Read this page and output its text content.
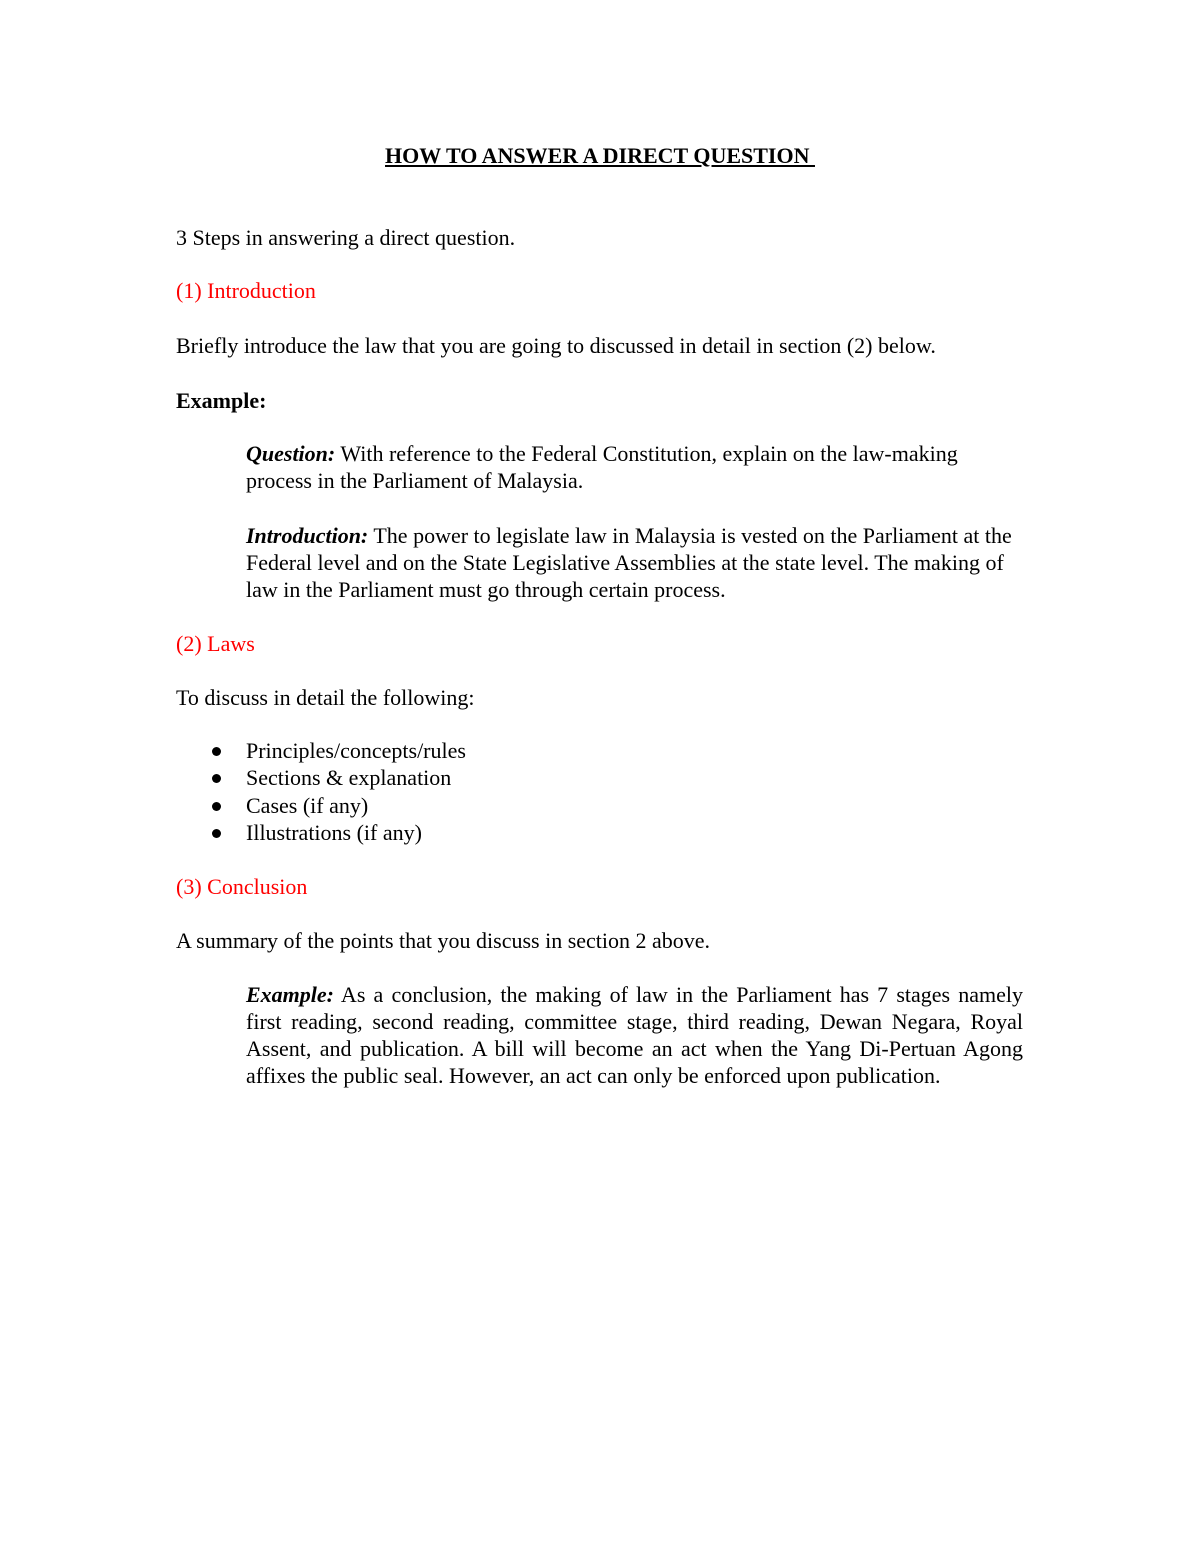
HOW TO ANSWER A DIRECT QUESTION
3 Steps in answering a direct question.
(1) Introduction
Briefly introduce the law that you are going to discussed in detail in section (2) below.
Example:
Question: With reference to the Federal Constitution, explain on the law-making process in the Parliament of Malaysia.
Introduction: The power to legislate law in Malaysia is vested on the Parliament at the Federal level and on the State Legislative Assemblies at the state level. The making of law in the Parliament must go through certain process.
(2) Laws
To discuss in detail the following:
Principles/concepts/rules
Sections & explanation
Cases (if any)
Illustrations (if any)
(3) Conclusion
A summary of the points that you discuss in section 2 above.
Example: As a conclusion, the making of law in the Parliament has 7 stages namely first reading, second reading, committee stage, third reading, Dewan Negara, Royal Assent, and publication. A bill will become an act when the Yang Di-Pertuan Agong affixes the public seal. However, an act can only be enforced upon publication.
